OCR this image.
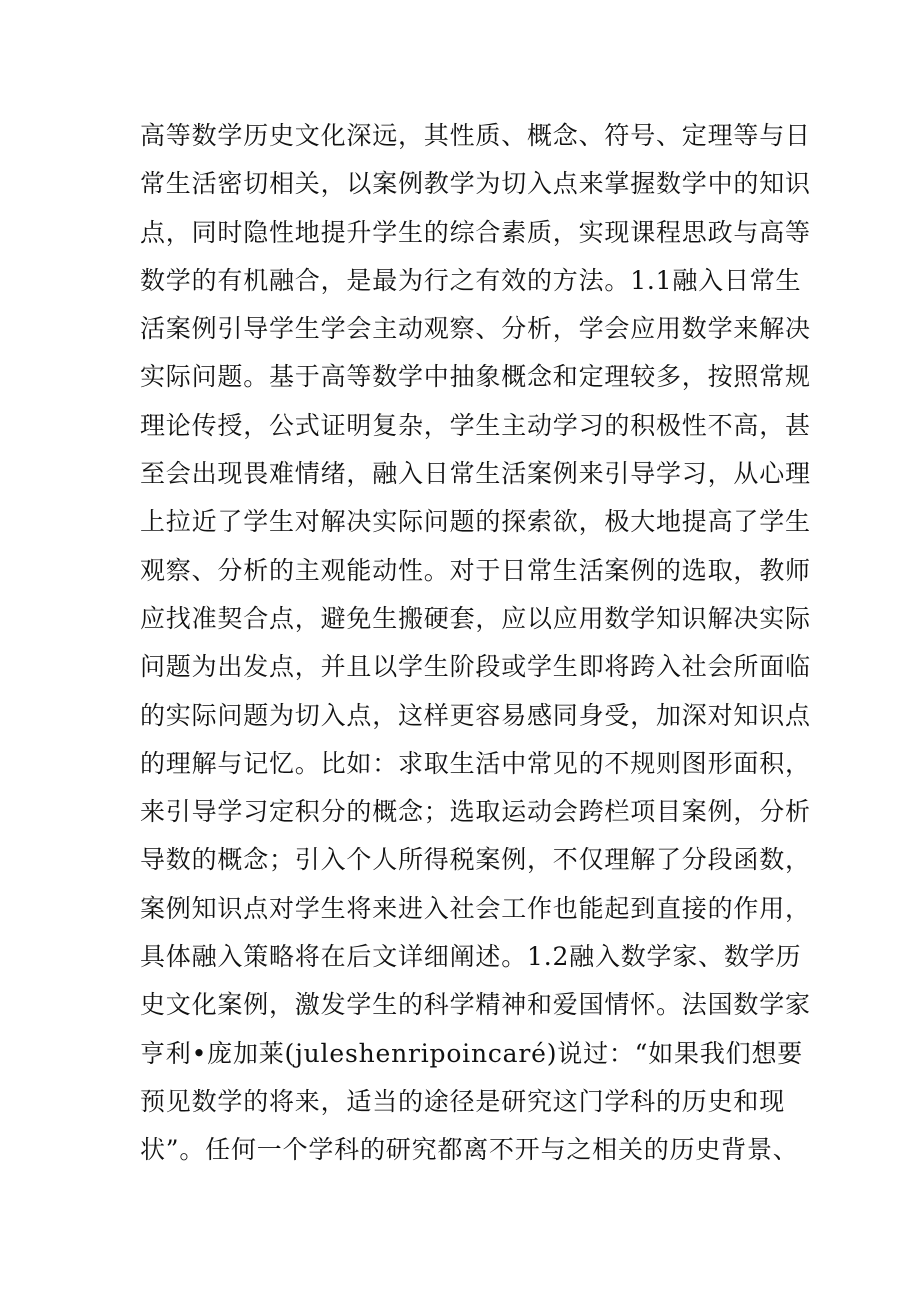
高等数学历史文化深远，其性质、概念、符号、定理等与日
常生活密切相关，以案例教学为切入点来掌握数学中的知识
点，同时隐性地提升学生的综合素质，实现课程思政与高等
数学的有机融合，是最为行之有效的方法。1.1融入日常生
活案例引导学生学会主动观察、分析，学会应用数学来解决
实际问题。基于高等数学中抽象概念和定理较多，按照常规
理论传授，公式证明复杂，学生主动学习的积极性不高，甚
至会出现畏难情绪，融入日常生活案例来引导学习，从心理
上拉近了学生对解决实际问题的探索欲，极大地提高了学生
观察、分析的主观能动性。对于日常生活案例的选取，教师
应找准契合点，避免生搬硬套，应以应用数学知识解决实际
问题为出发点，并且以学生阶段或学生即将跨入社会所面临
的实际问题为切入点，这样更容易感同身受，加深对知识点
的理解与记忆。比如：求取生活中常见的不规则图形面积，
来引导学习定积分的概念；选取运动会跨栏项目案例，分析
导数的概念；引入个人所得税案例，不仅理解了分段函数，
案例知识点对学生将来进入社会工作也能起到直接的作用，
具体融入策略将在后文详细阐述。1.2融入数学家、数学历
史文化案例，激发学生的科学精神和爱国情怀。法国数学家
亨利•庞加莱(juleshenripoincaré)说过：“如果我们想要
预见数学的将来，适当的途径是研究这门学科的历史和现
状”。任何一个学科的研究都离不开与之相关的历史背景、
